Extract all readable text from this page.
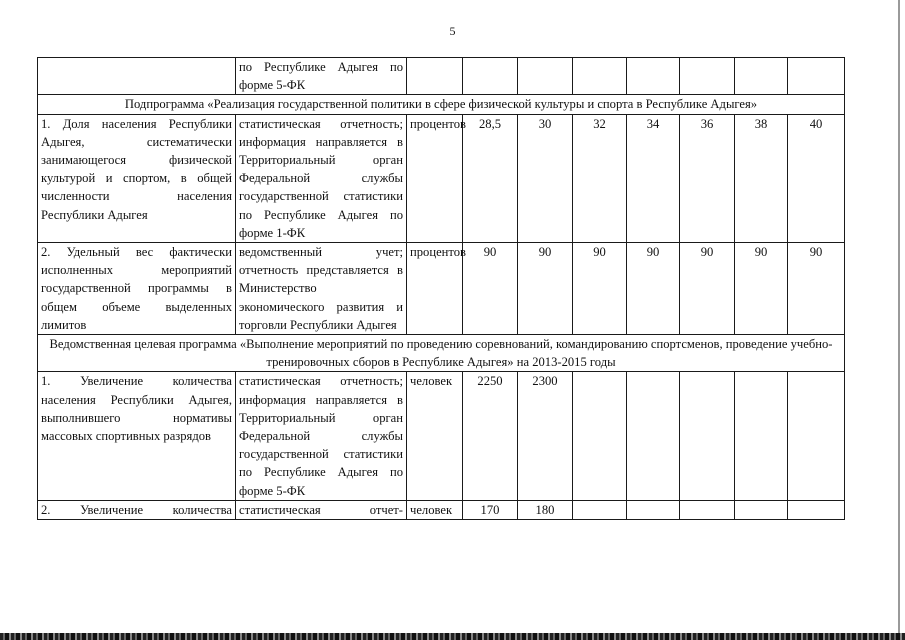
5
	по Республике Адыгея по форме 5-ФК								
Подпрограмма «Реализация государственной политики в сфере физической культуры и спорта в Республике Адыгея»									
1. Доля населения Республики Адыгея, систематически занимающегося физической культурой и спортом, в общей численности населения Республики Адыгея	статистическая отчетность; информация направляется в Территориальный орган Федеральной службы государственной статистики по Республике Адыгея по форме 1-ФК	процентов	28,5	30	32	34	36	38	40
2. Удельный вес фактически исполненных мероприятий государственной программы в общем объеме выделенных лимитов	ведомственный учет; отчетность представляется в Министерство экономического развития и торговли Республики Адыгея	процентов	90	90	90	90	90	90	90
Ведомственная целевая программа «Выполнение мероприятий по проведению соревнований, командированию спортсменов, проведение учебно-тренировочных сборов в Республике Адыгея» на 2013-2015 годы									
1. Увеличение количества населения Республики Адыгея, выполнившего нормативы массовых спортивных разрядов	статистическая отчетность; информация направляется в Территориальный орган Федеральной службы государственной статистики по Республике Адыгея по форме 5-ФК	человек	2250	2300					
2. Увеличение количества	статистическая отчет-	человек	170	180					
